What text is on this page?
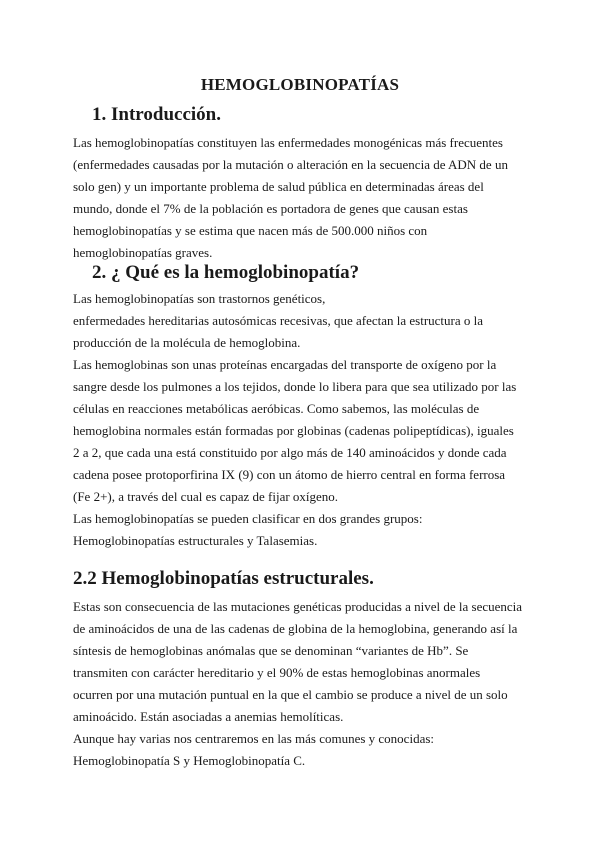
HEMOGLOBINOPATÍAS
1. Introducción.
Las hemoglobinopatías constituyen las enfermedades monogénicas más frecuentes
(enfermedades causadas por la mutación o alteración en la secuencia de ADN de un
solo gen) y un importante problema de salud pública en determinadas áreas del
mundo, donde el 7% de la población es portadora de genes que causan estas
hemoglobinopatías y se estima que nacen más de 500.000 niños con
hemoglobinopatías graves.
2. ¿ Qué es la hemoglobinopatía?
Las hemoglobinopatías son trastornos genéticos,
enfermedades hereditarias autosómicas recesivas, que afectan la estructura o la
producción de la molécula de hemoglobina.
Las hemoglobinas son unas proteínas encargadas del transporte de oxígeno por la
sangre desde los pulmones a los tejidos, donde lo libera para que sea utilizado por las
células en reacciones metabólicas aeróbicas. Como sabemos, las moléculas de
hemoglobina normales están formadas por globinas (cadenas polipeptídicas), iguales
2 a 2, que cada una está constituido por algo más de 140 aminoácidos y donde cada
cadena posee protoporfirina IX (9) con un átomo de hierro central en forma ferrosa
(Fe 2+), a través del cual es capaz de fijar oxígeno.
Las hemoglobinopatías se pueden clasificar en dos grandes grupos:
Hemoglobinopatías estructurales y Talasemias.
2.2 Hemoglobinopatías estructurales.
Estas son consecuencia de las mutaciones genéticas producidas a nivel de la secuencia
de aminoácidos de una de las cadenas de globina de la hemoglobina, generando así la
síntesis de hemoglobinas anómalas que se denominan “variantes de Hb”. Se
transmiten con carácter hereditario y el 90% de estas hemoglobinas anormales
ocurren por una mutación puntual en la que el cambio se produce a nivel de un solo
aminoácido. Están asociadas a anemias hemolíticas.
Aunque hay varias nos centraremos en las más comunes y conocidas:
Hemoglobinopatía S y Hemoglobinopatía C.
